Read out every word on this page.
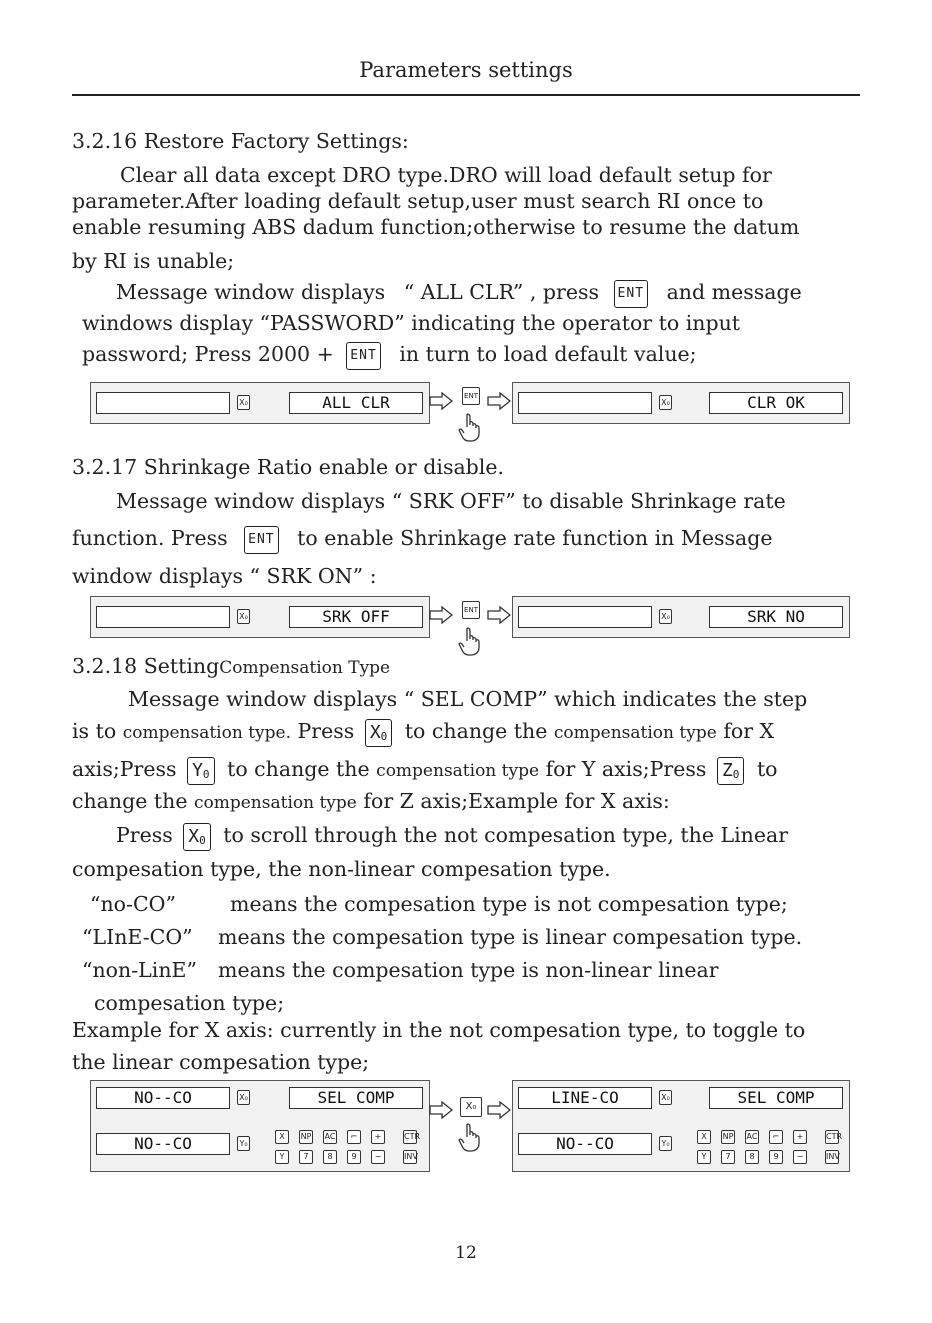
Parameters settings
3.2.16 Restore Factory Settings:
Clear all data except DRO type.DRO will load default setup for
parameter.After loading default setup,user must search RI once to
enable resuming ABS dadum function;otherwise to resume the datum
by RI is unable;
Message window displays “ ALL CLR” , press ENT and message
windows display “PASSWORD” indicating the operator to input
password; Press 2000 + ENT in turn to load default value;
X₀	ALL CLR	ENT
X₀	CLR OK
3.2.17 Shrinkage Ratio enable or disable.
Message window displays “ SRK OFF” to disable Shrinkage rate
function. Press ENT to enable Shrinkage rate function in Message
window displays “ SRK ON” :
X₀	SRK OFF	ENT
X₀	SRK NO
3.2.18 SettingCompensation Type
Message window displays “ SEL COMP” which indicates the step
is to compensation type. Press $X_0$ to change the compensation type for X
axis;Press $Y_0$ to change the compensation type for Y axis;Press $Z_0$ to
change the compensation type for Z axis;Example for X axis:
Press $X_0$ to scroll through the not compesation type, the Linear
compesation type, the non-linear compesation type.
“no-CO”	means the compesation type is not compesation type;
“LInE-CO” means the compesation type is linear compesation type.
“non-LinE” means the compesation type is non-linear linear
compesation type;
Example for X axis: currently in the not compesation type, to toggle to
the linear compesation type;
NO--CO	X₀	SEL COMP
NO--CO	Y₀
X	NP AC	⌐	+	CTR
Y	7	8	9	−	INV
X₀	LINE-CO	X₀	SEL COMP
NO--CO	Y₀
X	NP AC	⌐	+	CTR
Y	7	8	9	−	INV
12
